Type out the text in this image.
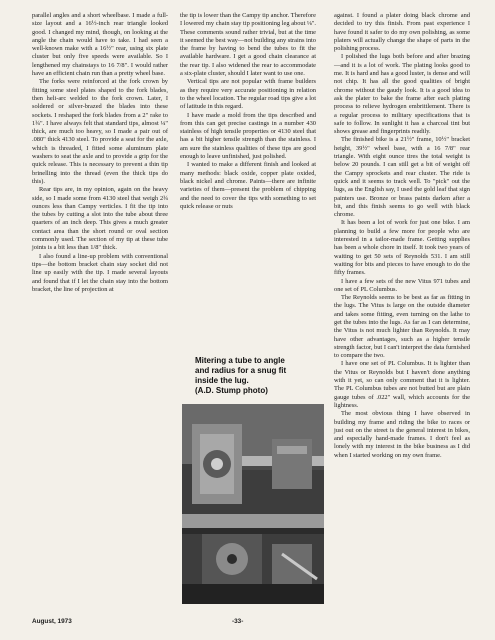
parallel angles and a short wheelbase. I made a full-size layout and a 16½-inch rear triangle looked good. I changed my mind, though, on looking at the angle the chain would have to take. I had seen a well-known make with a 16½" rear, using six plate cluster but only five speeds were available. So I lengthened my chainstays to 16 7/8". I would rather have an efficient chain run than a pretty wheel base.

The forks were reinforced at the fork crown by fitting some steel plates shaped to the fork blades, then heli-arc welded to the fork crown. Later, I soldered or silver-brazed the blades into these sockets. I reshaped the fork blades from a 2" rake to 1¾". I have always felt that standard tips, almost ¼" thick, are much too heavy, so I made a pair out of .080" thick 4130 steel. To provide a seat for the axle, which is threaded, I fitted some aluminum plate washers to seat the axle and to provide a grip for the quick release. This is necessary to prevent a thin tip brinelling into the thread (even the thick tips do this).

Rear tips are, in my opinion, again on the heavy side, so I made some from 4130 steel that weigh 2¾ ounces less than Campy verticles. I fit the tip into the tubes by cutting a slot into the tube about three quarters of an inch deep. This gives a much greater contact area than the short round or oval section commonly used. The section of my tip at these tube joints is a bit less than 1/8" thick.

I also found a line-up problem with conventional tips—the bottom bracket chain stay socket did not line up easily with the tip. I made several layouts and found that if I let the chain stay into the bottom bracket, the line of projection at

the tip is lower than the Campy tip anchor. Therefore I lowered my chain stay tip positioning leg about ⅛". These comments sound rather trivial, but at the time it seemed the best way—not building any strains into the frame by having to bend the tubes to fit the available hardware. I get a good chain clearance at the rear tip. I also widened the rear to accommodate a six-plate cluster, should I later want to use one.

Vertical tips are not popular with frame builders as they require very accurate positioning in relation to the wheel location. The regular road tips give a lot of latitude in this regard.

I have made a mold from the tips described and from this can get precise castings in a number 430 stainless of high tensile properties or 4130 steel that has a bit higher tensile strength than the stainless. I am sure the stainless qualities of these tips are good enough to leave unfinished, just polished.

I wanted to make a different finish and looked at many methods: black oxide, copper plate oxided, black nickel and chrome. Paints—there are infinite varieties of them—present the problem of chipping and the need to cover the tips with something to set quick release or nuts

Mitering a tube to angle
and radius for a snug fit
inside the lug.
(A.D. Stump photo)

against. I found a plater doing black chrome and decided to try this finish. From past experience I have found it safer to do my own polishing, as some platers will actually change the shape of parts in the polishing process.

I polished the lugs both before and after brazing—and it is a lot of work. The plating looks good to me. It is hard and has a good luster, is dense and will not chip. It has all the good qualities of bright chrome without the gaudy look. It is a good idea to ask the plater to bake the frame after each plating process to relieve hydrogen embrittlement. There is a regular process to military specifications that is safe to follow. In sunlight it has a charcoal tint but shows grease and fingerprints readily.

The finished bike is a 21½" frame, 10½" bracket height, 39½" wheel base, with a 16 7/8" rear triangle. With eight ounce tires the total weight is below 20 pounds. I can still get a bit of weight off the Campy sprockets and rear cluster. The ride is quick and it seems to track well. To "pick" out the lugs, as the English say, I used the gold leaf that sign painters use. Bronze or brass paints darken after a bit, and this finish seems to go well with black chrome.

It has been a lot of work for just one bike. I am planning to build a few more for people who are interested in a tailor-made frame. Getting supplies has been a whole chore in itself. It took two years of waiting to get 50 sets of Reynolds 531. I am still waiting for bits and pieces to have enough to do the fifty frames.

I have a few sets of the new Vitus 971 tubes and one set of PL Columbus.

The Reynolds seems to be best as far as fitting in the lugs. The Vitus is large on the outside diameter and takes some fitting, even turning on the lathe to get the tubes into the lugs. As far as I can determine, the Vitus is not much lighter than Reynolds. It may have other advantages, such as a higher tensile strength factor, but I can't interpret the data furnished to compare the two.

I have one set of PL Columbus. It is lighter than the Vitus or Reynolds but I haven't done anything with it yet, so can only comment that it is lighter. The PL Columbus tubes are not butted but are plain gauge tubes of .022" wall, which accounts for the lightness.

The most obvious thing I have observed in building my frame and riding the bike to races or just out on the street is the general interest in bikes, and especially hand-made frames. I don't feel as lonely with my interest in the bike business as I did when I started working on my own frame.

August, 1973	-33-
